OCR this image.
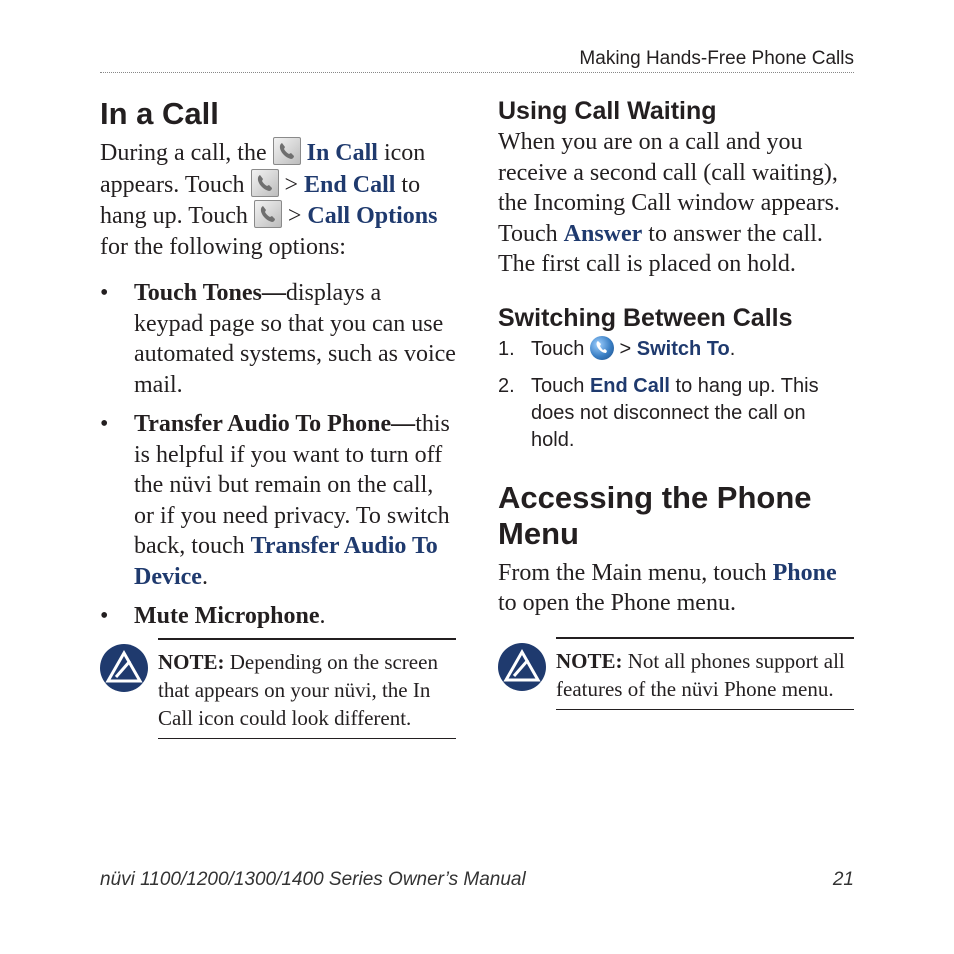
Making Hands-Free Phone Calls
In a Call

During a call, the
In Call icon appears. Touch
> End Call to hang up. Touch
> Call Options for the following options:

• Touch Tones—displays a keypad page so that you can use automated systems, such as voice mail.
• Transfer Audio To Phone—this is helpful if you want to turn off the nüvi but remain on the call, or if you need privacy. To switch back, touch Transfer Audio To Device.
• Mute Microphone.

NOTE: Depending on the screen that appears on your nüvi, the In Call icon could look different.

Using Call Waiting

When you are on a call and you receive a second call (call waiting), the Incoming Call window appears. Touch Answer to answer the call. The first call is placed on hold.

Switching Between Calls
1. Touch
> Switch To.
2. Touch End Call to hang up. This does not disconnect the call on hold.
Accessing the Phone Menu

From the Main menu, touch Phone to open the Phone menu.

NOTE: Not all phones support all features of the nüvi Phone menu.

nüvi 1100/1200/1300/1400 Series Owner’s Manual	21
